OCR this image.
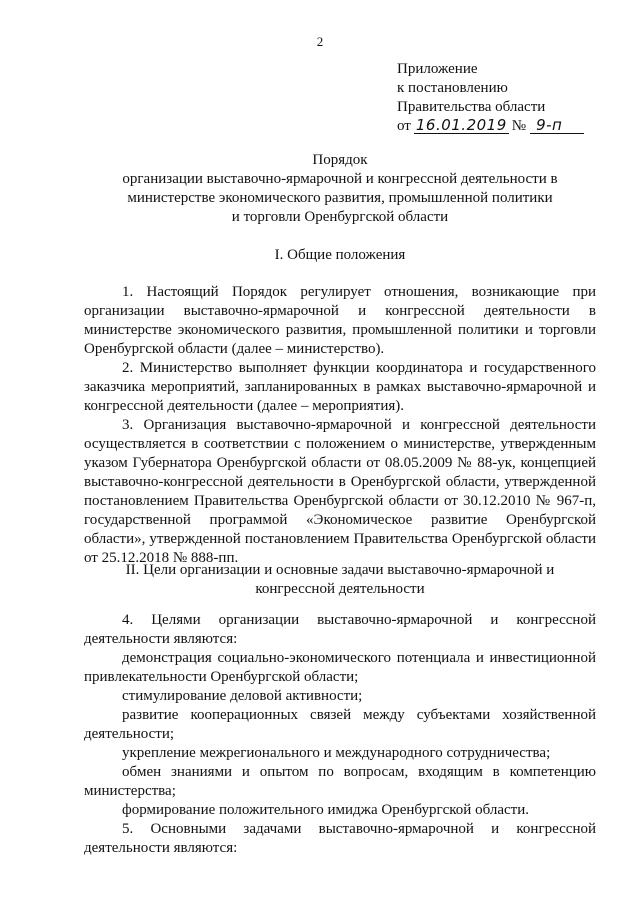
2
Приложение
к постановлению
Правительства области
от 16.01.2019 № 9-п
Порядок
организации выставочно-ярмарочной и конгрессной деятельности в
министерстве экономического развития, промышленной политики
и торговли Оренбургской области
I. Общие положения

1. Настоящий Порядок регулирует отношения, возникающие при организации выставочно-ярмарочной и конгрессной деятельности в министерстве экономического развития, промышленной политики и торговли Оренбургской области (далее – министерство).

2. Министерство выполняет функции координатора и государственного заказчика мероприятий, запланированных в рамках выставочно-ярмарочной и конгрессной деятельности (далее – мероприятия).

3. Организация выставочно-ярмарочной и конгрессной деятельности осуществляется в соответствии с положением о министерстве, утвержденным указом Губернатора Оренбургской области от 08.05.2009 № 88-ук, концепцией выставочно-конгрессной деятельности в Оренбургской области, утвержденной постановлением Правительства Оренбургской области от 30.12.2010 № 967-п, государственной программой «Экономическое развитие Оренбургской области», утвержденной постановлением Правительства Оренбургской области от 25.12.2018 № 888-пп.

II. Цели организации и основные задачи выставочно-ярмарочной и
конгрессной деятельности

4. Целями организации выставочно-ярмарочной и конгрессной деятельности являются:

демонстрация социально-экономического потенциала и инвестиционной привлекательности Оренбургской области;

стимулирование деловой активности;

развитие кооперационных связей между субъектами хозяйственной деятельности;

укрепление межрегионального и международного сотрудничества;

обмен знаниями и опытом по вопросам, входящим в компетенцию министерства;

формирование положительного имиджа Оренбургской области.

5. Основными задачами выставочно-ярмарочной и конгрессной деятельности являются:
